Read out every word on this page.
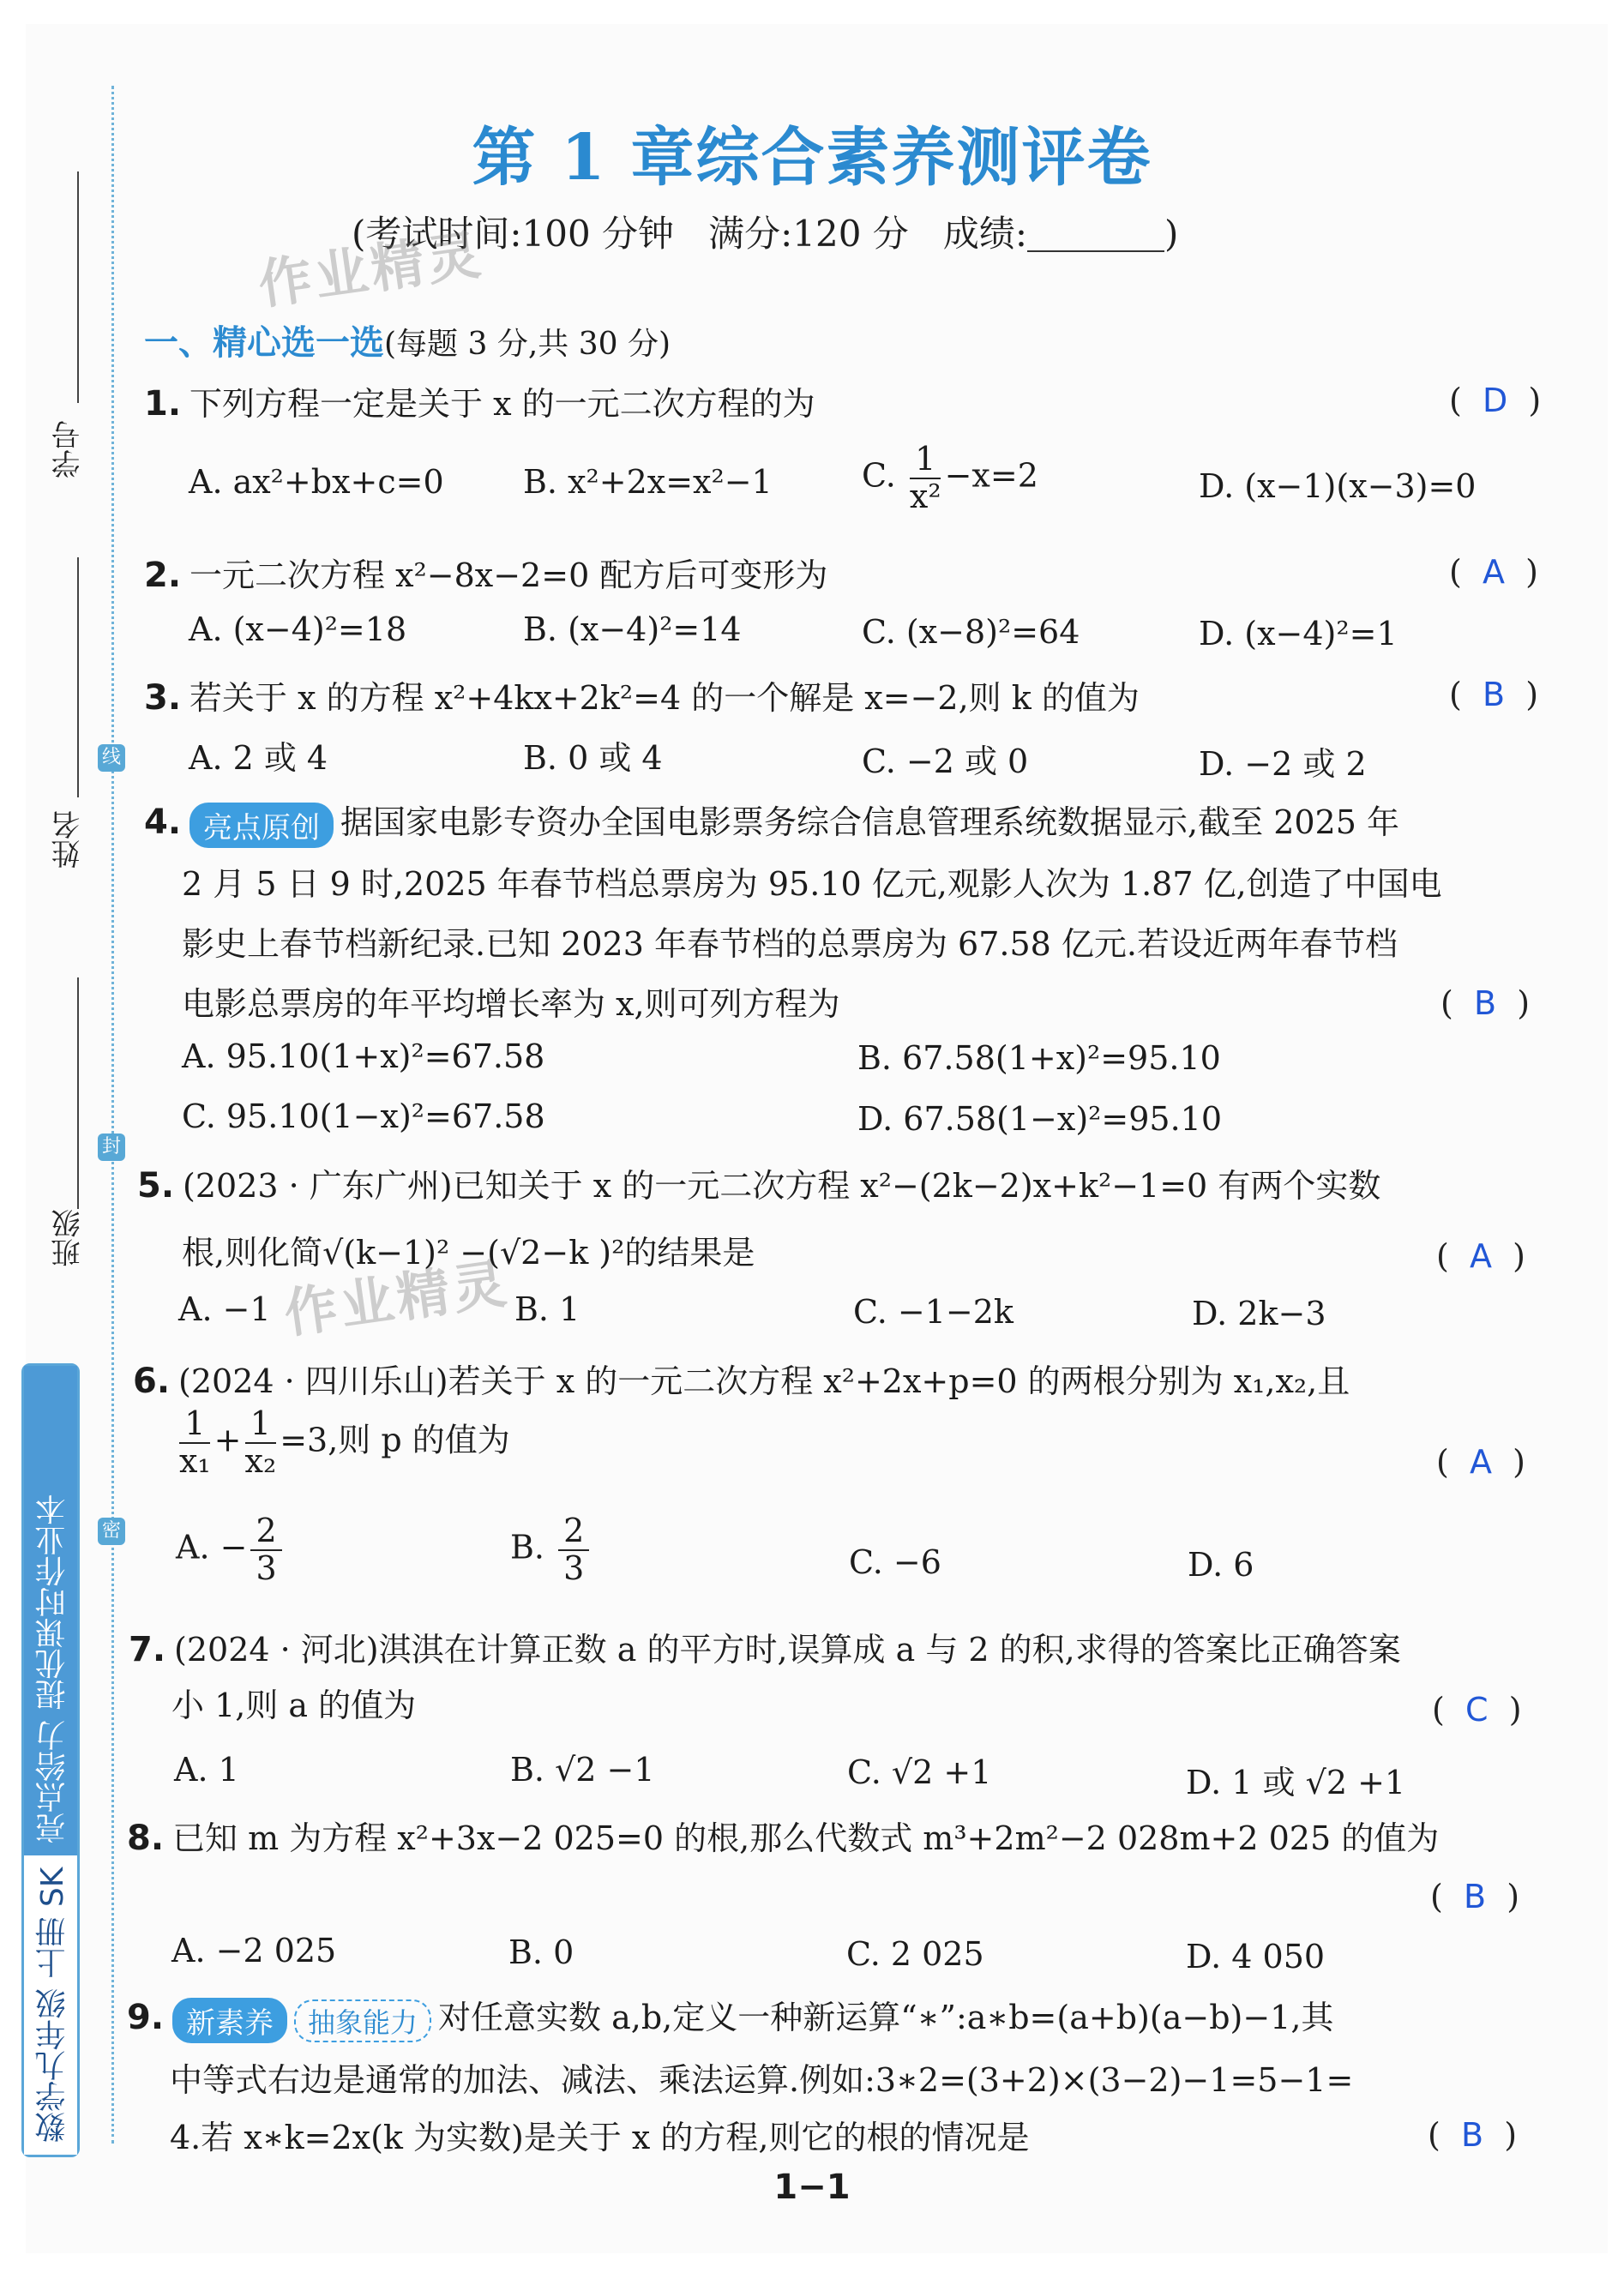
学号
姓名
班级
线
封
密
数学九年级 上册 SK
亮点给力 提优课时作业本
第 1 章综合素养测评卷
(考试时间:100 分钟   满分:120 分   成绩:	)
作业精灵
作业精灵
一、精心选一选(每题 3 分,共 30 分)
1. 下列方程一定是关于 x 的一元二次方程的为	(  D  )
A. ax²+bx+c=0 B. x²+2x=x²−1	C. $\frac{1}{\text{x²}} -x=2$	D. (x−1)(x−3)=0
2. 一元二次方程 x²−8x−2=0 配方后可变形为	(  A  )
A. (x−4)²=18	B. (x−4)²=14	C. (x−8)²=64	D. (x−4)²=1
3. 若关于 x 的方程 x²+4kx+2k²=4 的一个解是 x=−2,则 k 的值为	(  B  )
A. 2 或 4	B. 0 或 4	C. −2 或 0	D. −2 或 2
4. 亮点原创 据国家电影专资办全国电影票务综合信息管理系统数据显示,截至 2025 年
2 月 5 日 9 时,2025 年春节档总票房为 95.10 亿元,观影人次为 1.87 亿,创造了中国电
影史上春节档新纪录.已知 2023 年春节档的总票房为 67.58 亿元.若设近两年春节档
电影总票房的年平均增长率为 x,则可列方程为	(  B  )
A. 95.10(1+x)²=67.58	B. 67.58(1+x)²=95.10
C. 95.10(1−x)²=67.58	D. 67.58(1−x)²=95.10
5. (2023 · 广东广州)已知关于 x 的一元二次方程 x²−(2k−2)x+k²−1=0 有两个实数
根,则化简√(k−1)² −(√2−k )²的结果是	(  A  )
A. −1	B. 1	C. −1−2k	D. 2k−3
6. (2024 · 四川乐山)若关于 x 的一元二次方程 x²+2x+p=0 的两根分别为 x₁,x₂,且
$\frac{1}{\text{x₁}} + \frac{1}{\text{x₂}} =3$,则 p 的值为
(  A  )
A. − $\frac{2}{3}$	B. $\frac{2}{3}$	C. −6	D. 6
7. (2024 · 河北)淇淇在计算正数 a 的平方时,误算成 a 与 2 的积,求得的答案比正确答案
小 1,则 a 的值为	(  C  )
A. 1	B. √2 −1	C. √2 +1	D. 1 或 √2 +1
8. 已知 m 为方程 x²+3x−2 025=0 的根,那么代数式 m³+2m²−2 028m+2 025 的值为
(  B  )
A. −2 025	B. 0	C. 2 025	D. 4 050
9. 新素养 抽象能力 对任意实数 a,b,定义一种新运算“∗”:a∗b=(a+b)(a−b)−1,其
中等式右边是通常的加法、减法、乘法运算.例如:3∗2=(3+2)×(3−2)−1=5−1=
4.若 x∗k=2x(k 为实数)是关于 x 的方程,则它的根的情况是	(  B  )
1−1
